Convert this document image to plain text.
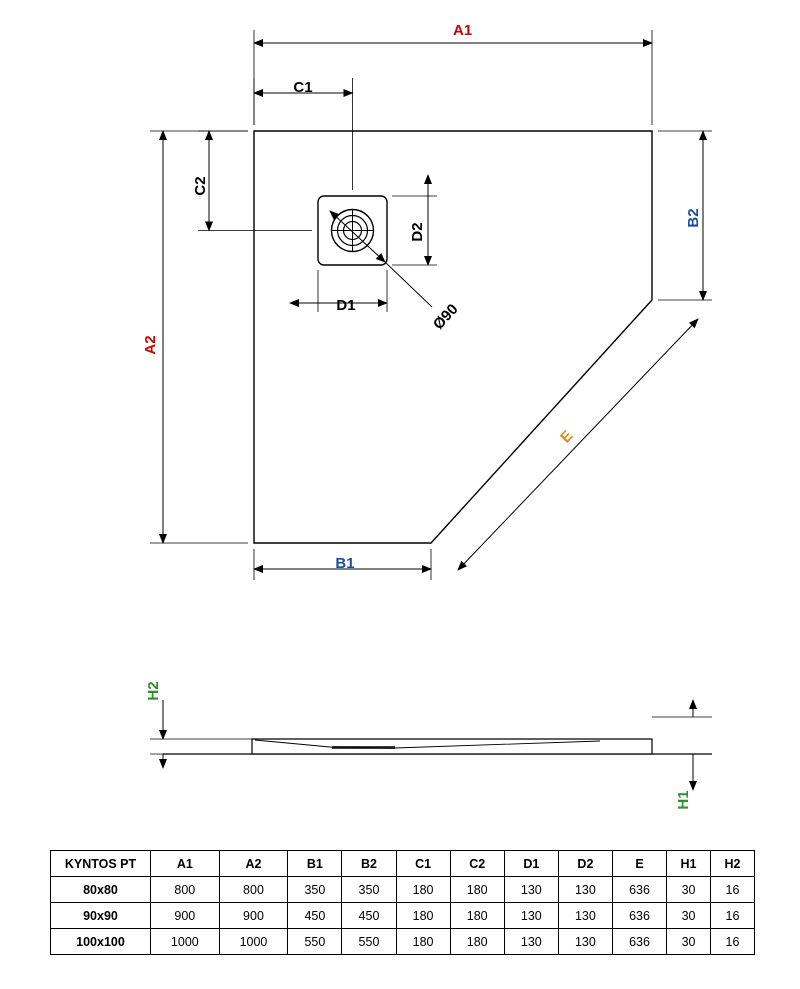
A1
A2
C1
C2
D1
D2
B1
B2
E
Ø90
H2
H1
KYNTOS PT	A1	A2	B1	B2	C1	C2	D1	D2	E	H1	H2
80x80	800	800	350	350	180	180	130	130	636	30	16
90x90	900	900	450	450	180	180	130	130	636	30	16
100x100	1000	1000	550	550	180	180	130	130	636	30	16
